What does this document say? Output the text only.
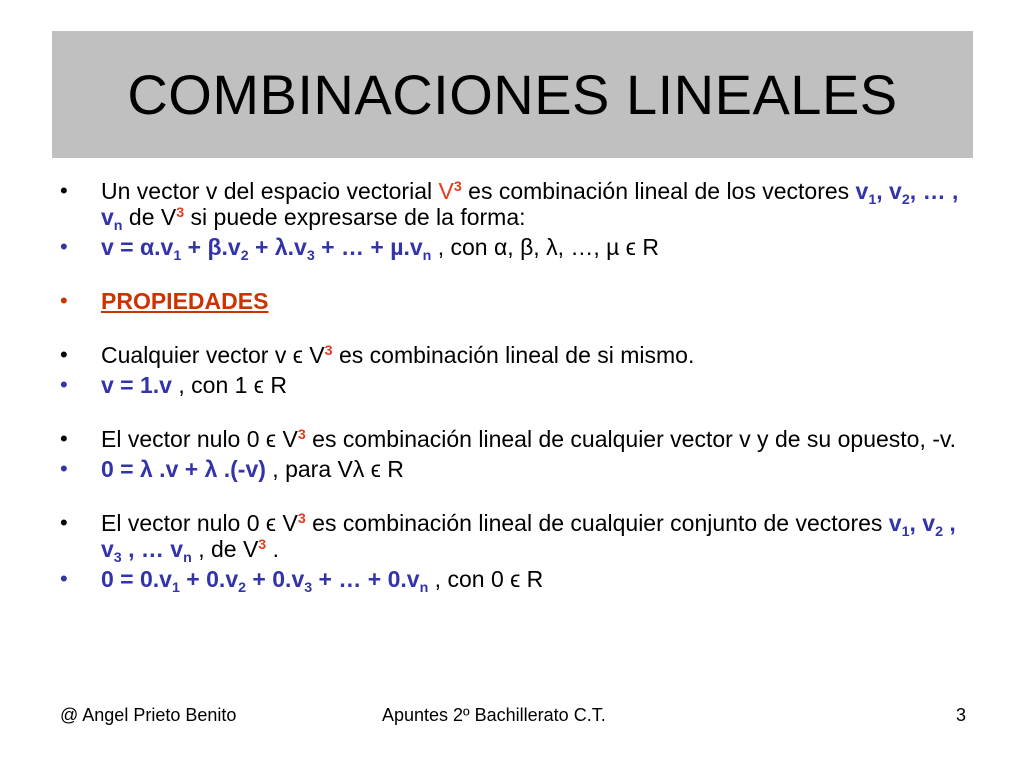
COMBINACIONES LINEALES
• Un vector v del espacio vectorial $V^3$ es combinación lineal de los vectores $v_1$, $v_2$, … , $v_n$ de $V^3$ si puede expresarse de la forma:
• $v = \alpha.v_1 + \beta.v_2 + \lambda.v_3$ + … + $\mu.v_n$ , con α, β, λ, …, µ ϵ R
• PROPIEDADES
• Cualquier vector v ϵ $V^3$ es combinación lineal de si mismo.
• v = 1.v , con 1 ϵ R
• El vector nulo 0 ϵ $V^3$ es combinación lineal de cualquier vector v y de su opuesto, -v.
• 0 = λ .v + λ .(-v) , para Vλ ϵ R
• El vector nulo 0 ϵ $V^3$ es combinación lineal de cualquier conjunto de vectores $v_1$, $v_2$ , $v_3$ , … $v_n$ , de $V^3$ .
• $0 = 0.v_1 + 0.v_2 + 0.v_3$ + … + $0.v_n$ , con 0 ϵ R
@ Angel Prieto Benito	Apuntes 2º Bachillerato C.T.	3
